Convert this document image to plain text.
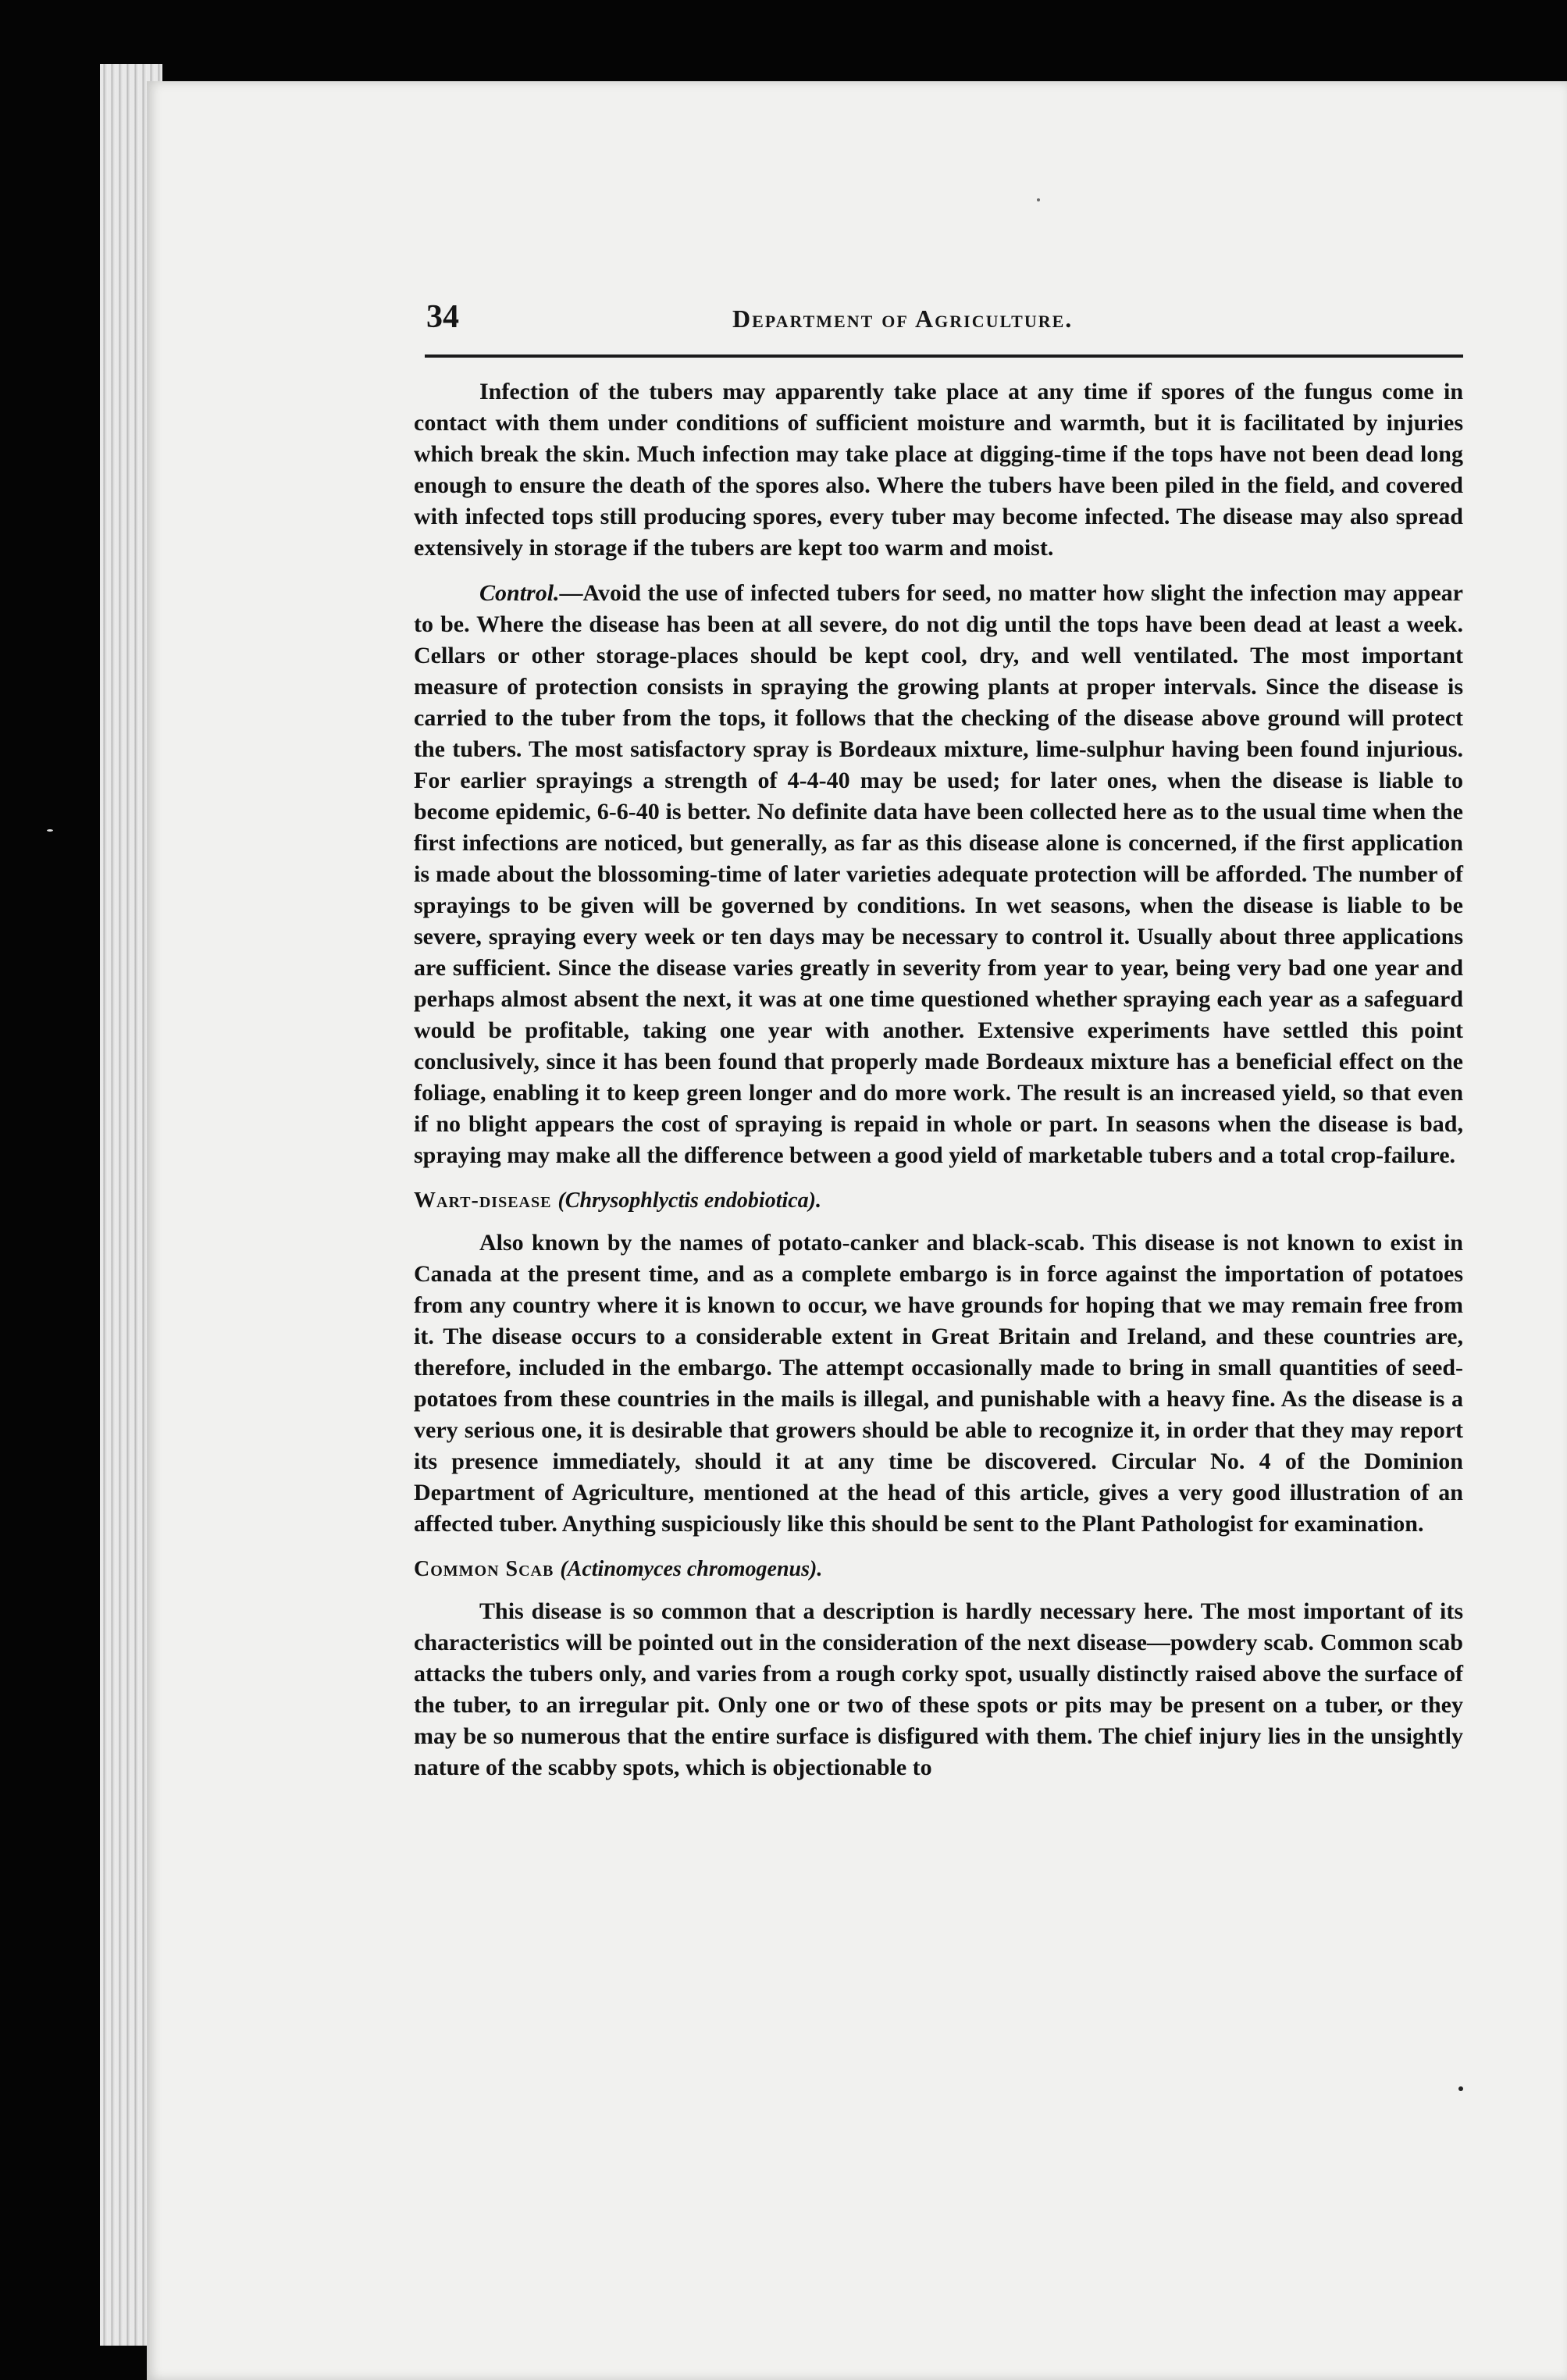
34	Department of Agriculture.

Infection of the tubers may apparently take place at any time if spores of the fungus come in contact with them under conditions of sufficient moisture and warmth, but it is facilitated by injuries which break the skin. Much infection may take place at digging-time if the tops have not been dead long enough to ensure the death of the spores also. Where the tubers have been piled in the field, and covered with infected tops still producing spores, every tuber may become infected. The disease may also spread extensively in storage if the tubers are kept too warm and moist.

Control.—Avoid the use of infected tubers for seed, no matter how slight the infection may appear to be. Where the disease has been at all severe, do not dig until the tops have been dead at least a week. Cellars or other storage-places should be kept cool, dry, and well ventilated. The most important measure of protection consists in spraying the growing plants at proper intervals. Since the disease is carried to the tuber from the tops, it follows that the checking of the disease above ground will protect the tubers. The most satisfactory spray is Bordeaux mixture, lime-sulphur having been found injurious. For earlier sprayings a strength of 4-4-40 may be used; for later ones, when the disease is liable to become epidemic, 6-6-40 is better. No definite data have been collected here as to the usual time when the first infections are noticed, but generally, as far as this disease alone is concerned, if the first application is made about the blossoming-time of later varieties adequate protection will be afforded. The number of sprayings to be given will be governed by conditions. In wet seasons, when the disease is liable to be severe, spraying every week or ten days may be necessary to control it. Usually about three applications are sufficient. Since the disease varies greatly in severity from year to year, being very bad one year and perhaps almost absent the next, it was at one time questioned whether spraying each year as a safeguard would be profitable, taking one year with another. Extensive experiments have settled this point conclusively, since it has been found that properly made Bordeaux mixture has a beneficial effect on the foliage, enabling it to keep green longer and do more work. The result is an increased yield, so that even if no blight appears the cost of spraying is repaid in whole or part. In seasons when the disease is bad, spraying may make all the difference between a good yield of marketable tubers and a total crop-failure.

Wart-disease (Chrysophlyctis endobiotica).

Also known by the names of potato-canker and black-scab. This disease is not known to exist in Canada at the present time, and as a complete embargo is in force against the importation of potatoes from any country where it is known to occur, we have grounds for hoping that we may remain free from it. The disease occurs to a considerable extent in Great Britain and Ireland, and these countries are, therefore, included in the embargo. The attempt occasionally made to bring in small quantities of seed-potatoes from these countries in the mails is illegal, and punishable with a heavy fine. As the disease is a very serious one, it is desirable that growers should be able to recognize it, in order that they may report its presence immediately, should it at any time be discovered. Circular No. 4 of the Dominion Department of Agriculture, mentioned at the head of this article, gives a very good illustration of an affected tuber. Anything suspiciously like this should be sent to the Plant Pathologist for examination.

Common Scab (Actinomyces chromogenus).

This disease is so common that a description is hardly necessary here. The most important of its characteristics will be pointed out in the consideration of the next disease—powdery scab. Common scab attacks the tubers only, and varies from a rough corky spot, usually distinctly raised above the surface of the tuber, to an irregular pit. Only one or two of these spots or pits may be present on a tuber, or they may be so numerous that the entire surface is disfigured with them. The chief injury lies in the unsightly nature of the scabby spots, which is objectionable to
